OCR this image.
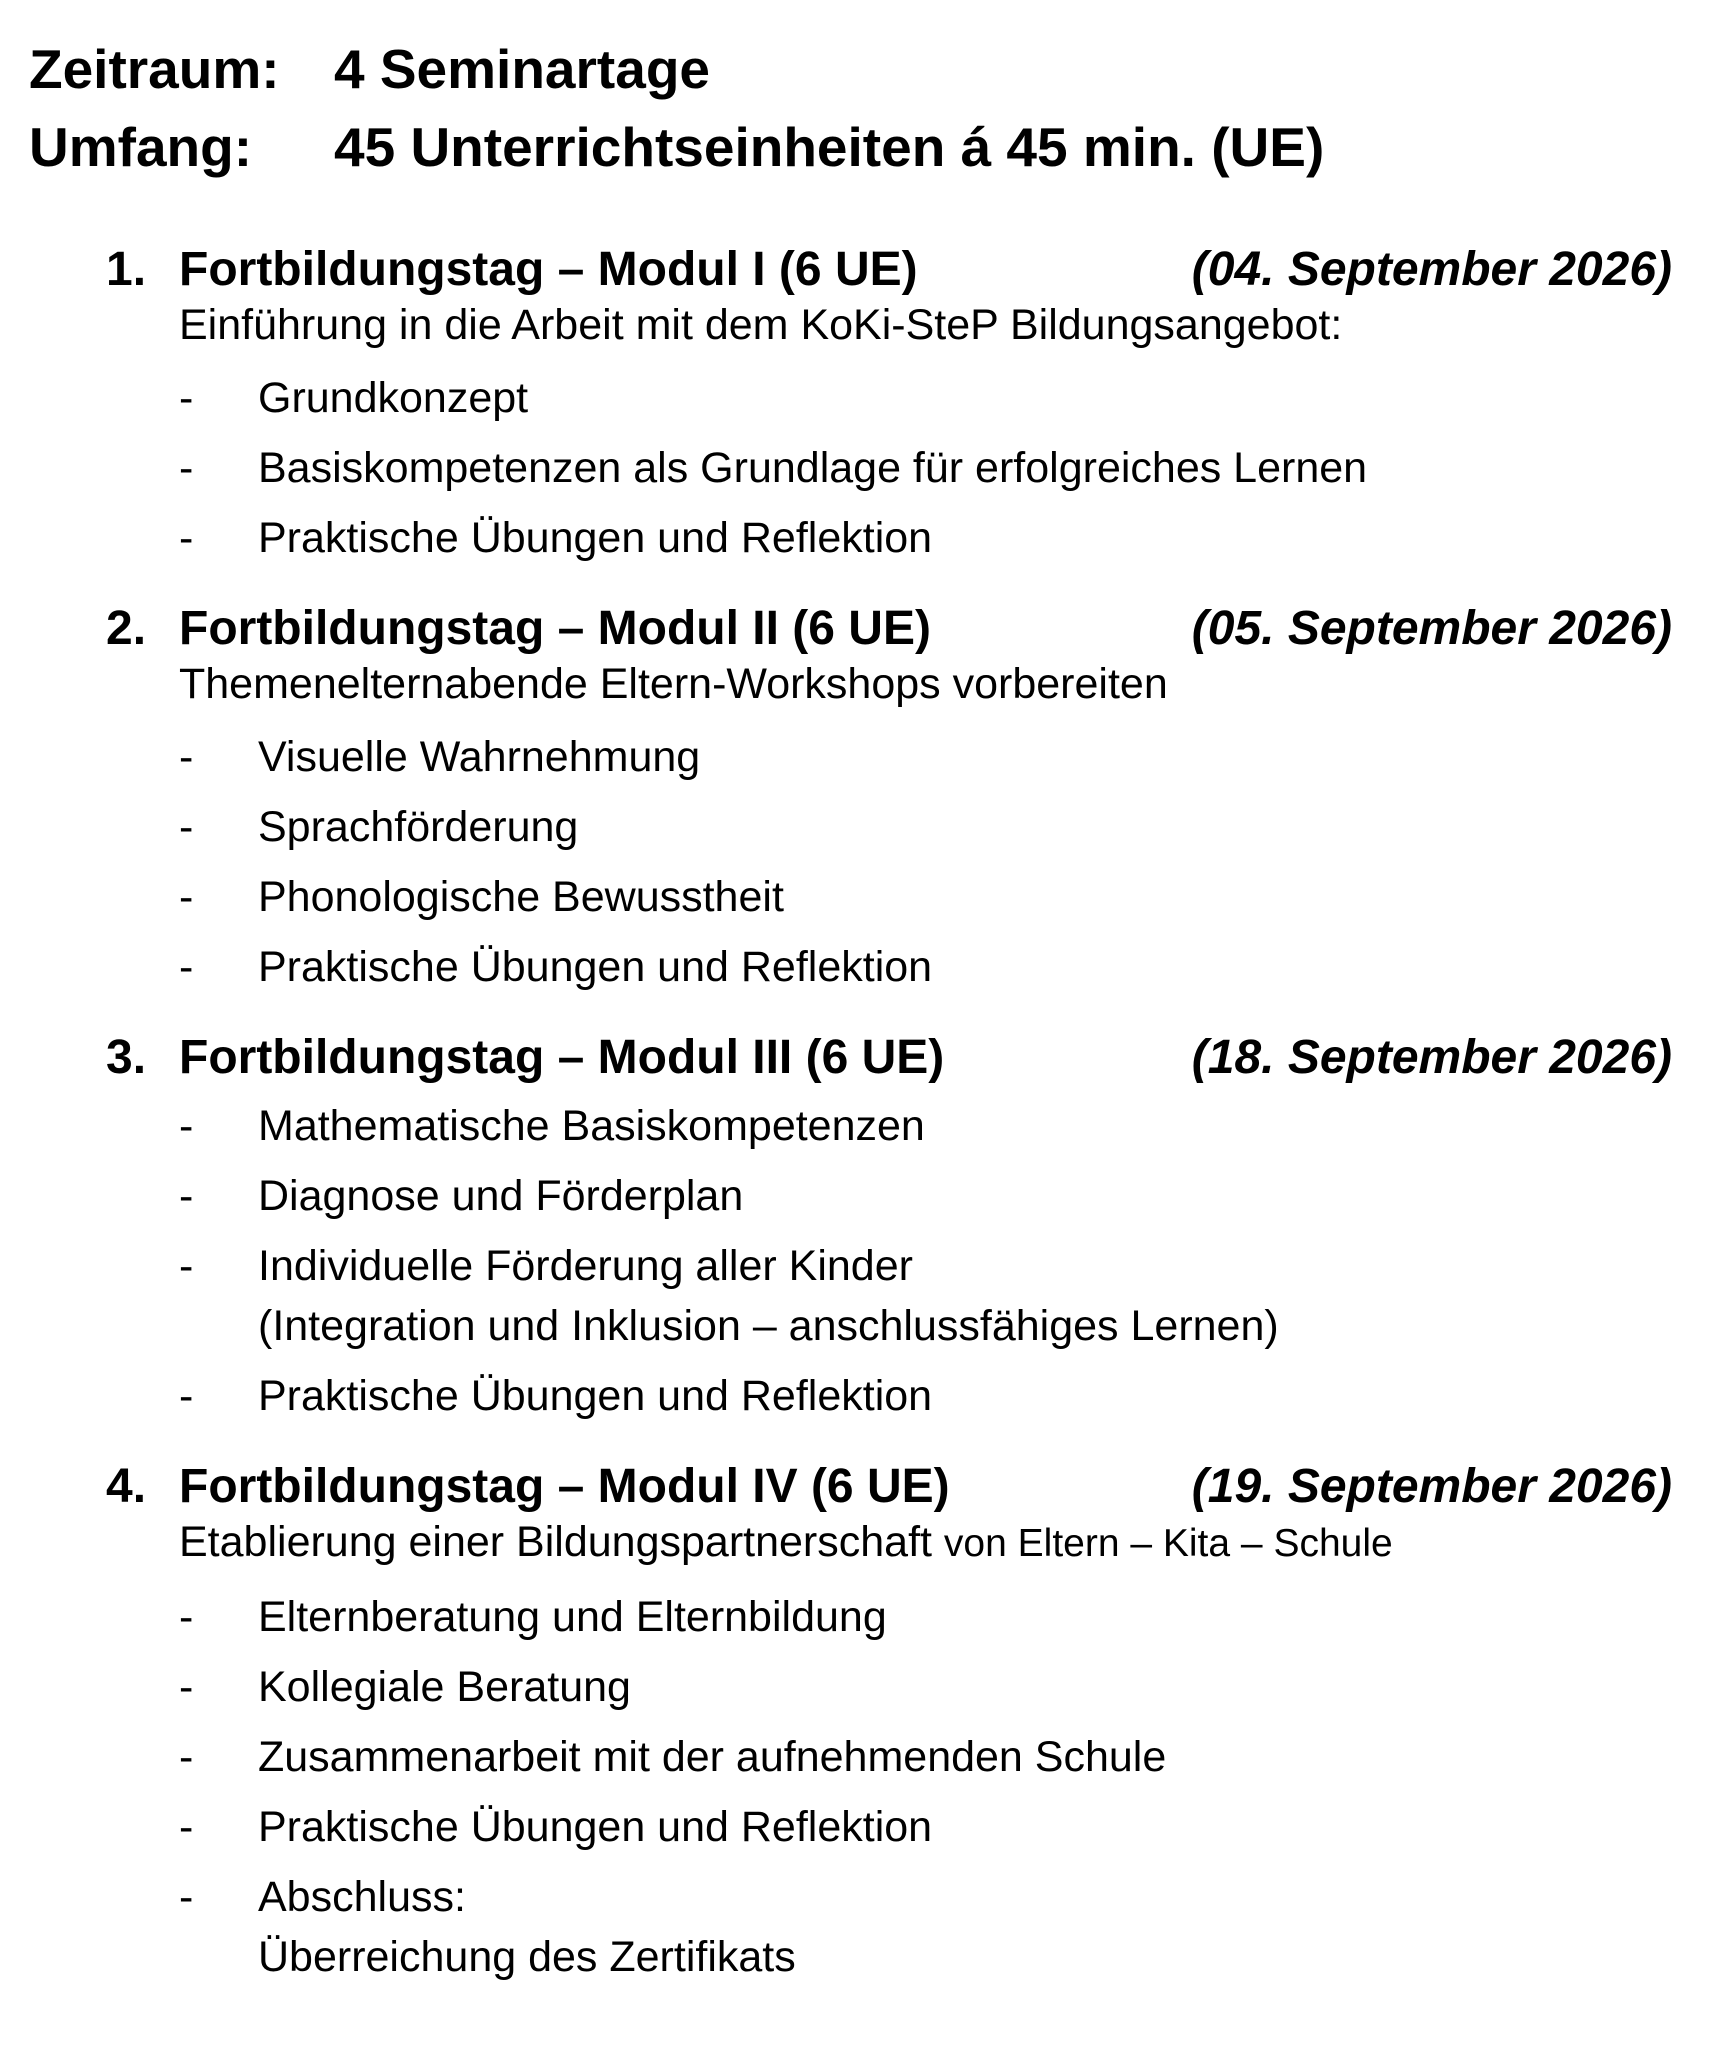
Zeitraum: 4 Seminartage
Umfang:	45 Unterrichtseinheiten á 45 min. (UE)
1. Fortbildungstag – Modul I (6 UE)	(04. September 2026)
Einführung in die Arbeit mit dem KoKi-SteP Bildungsangebot:
- Grundkonzept
- Basiskompetenzen als Grundlage für erfolgreiches Lernen
- Praktische Übungen und Reflektion
2. Fortbildungstag – Modul II (6 UE)	(05. September 2026)
Themenelternabende Eltern-Workshops vorbereiten
- Visuelle Wahrnehmung
- Sprachförderung
- Phonologische Bewusstheit
- Praktische Übungen und Reflektion
3. Fortbildungstag – Modul III (6 UE)	(18. September 2026)
- Mathematische Basiskompetenzen
- Diagnose und Förderplan
- Individuelle Förderung aller Kinder
(Integration und Inklusion – anschlussfähiges Lernen)
- Praktische Übungen und Reflektion
4. Fortbildungstag – Modul IV (6 UE)	(19. September 2026)
Etablierung einer Bildungspartnerschaft von Eltern – Kita – Schule
- Elternberatung und Elternbildung
- Kollegiale Beratung
- Zusammenarbeit mit der aufnehmenden Schule
- Praktische Übungen und Reflektion
- Abschluss:
Überreichung des Zertifikats
